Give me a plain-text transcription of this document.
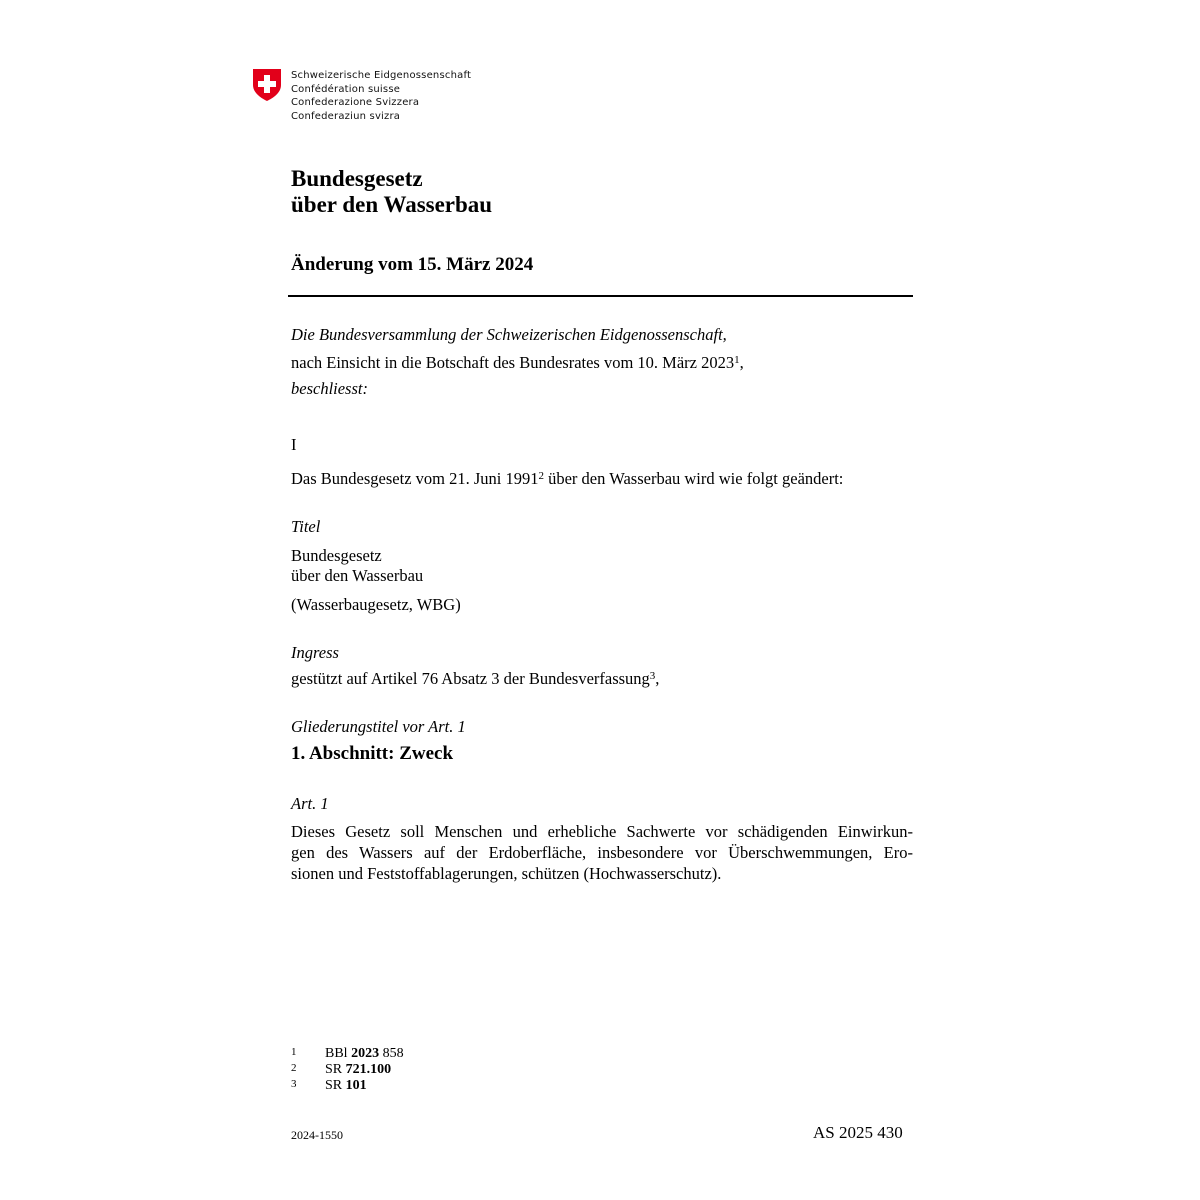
Schweizerische Eidgenossenschaft
Confédération suisse
Confederazione Svizzera
Confederaziun svizra
Bundesgesetz
über den Wasserbau
Änderung vom 15. März 2024
Die Bundesversammlung der Schweizerischen Eidgenossenschaft,
nach Einsicht in die Botschaft des Bundesrates vom 10. März 2023$^1$,
beschliesst:
I
Das Bundesgesetz vom 21. Juni 1991$^2$ über den Wasserbau wird wie folgt geändert:
Titel
Bundesgesetz
über den Wasserbau
(Wasserbaugesetz, WBG)
Ingress
gestützt auf Artikel 76 Absatz 3 der Bundesverfassung$^3$,
Gliederungstitel vor Art. 1
1. Abschnitt: Zweck
Art. 1
Dieses Gesetz soll Menschen und erhebliche Sachwerte vor schädigenden Einwirkun-
gen des Wassers auf der Erdoberfläche, insbesondere vor Überschwemmungen, Ero-
sionen und Feststoffablagerungen, schützen (Hochwasserschutz).
1	BBl 2023 858
2	SR 721.100
3	SR 101
2024-1550	AS 2025 430
